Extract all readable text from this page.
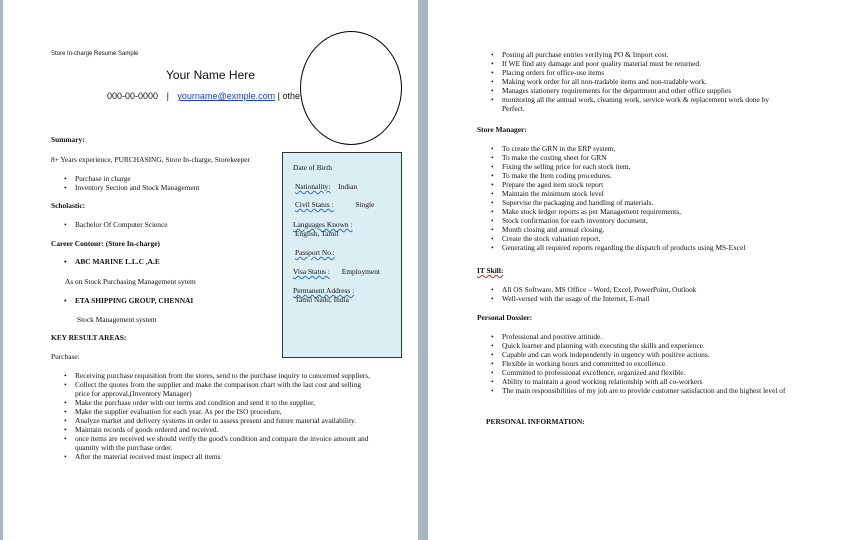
Store In-charge Resume Sample
Your Name Here
000-00-0000 | yourname@exmple.com | othe
Summary:
8+ Years experience, PURCHASING, Store In-charge, Storekeeper
• Purchase in charge
• Inventory Section and Stock Management
Scholastic:
• Bachelor Of Computer Science
Career Contour: (Store In-charge)
• ABC MARINE L.L.C ,A.E
As on Stock Purchasing Management sytem
• ETA SHIPPING GROUP, CHENNAI
Stock Management system
KEY RESULT AREAS:
Purchase:
• Receiving purchase requisition from the stores, send to the purchase inquiry to concerned suppliers,
• Collect the quotes from the supplier and make the comparison chart with the last cost and selling price for approval,(Inventory Manager)
• Make the purchase order with our terms and condition and send it to the supplier,
• Make the supplier evaluation for each year. As per the ISO procedure,
• Analyze market and delivery systems in order to assess present and future material availability.
• Maintain records of goods ordered and received.
• once items are received we should verify the good's condition and compare the invoice amount and quantity with the purchase order.
• After the material received must inspect all items
Date of Birth
Nationality: Indian
Civil Status :	Single
Languages Known :
English, Tamil
Passport No.:
Visa Status : Employment
Permanent Address :
Tamil Nadu, India
• Posting all purchase entries verifying PO & Import cost.
• If WE find any damage and poor quality material must be returned.
• Placing orders for office-use items
• Making work order for all non-tradable items and non-tradable work.
• Manages stationery requirements for the department and other office supplies
• monitoring all the annual work, cleaning work, service work & replacement work done by Perfect.
Store Manager:
• To create the GRN in the ERP system,
• To make the costing sheet for GRN
• Fixing the selling price for each stock item,
• To make the Item coding procedures.
• Prepare the aged item stock report
• Maintain the minimum stock level
• Supervise the packaging and handling of materials.
• Make stock ledger reports as per Management requirements,
• Stock confirmation for each inventory document,
• Month closing and annual closing,
• Create the stock valuation report,
• Generating all required reports regarding the dispatch of products using MS-Excel
IT Skill:
• All OS Software, MS Office – Word, Excel, PowerPoint, Outlook
• Well-versed with the usage of the Internet, E-mail
Personal Dossier:
• Professional and positive attitude.
• Quick learner and planning with executing the skills and experience.
• Capable and can work independently in urgency with positive actions.
• Flexible in working hours and committed to excellence.
• Committed to professional excellence, organized and flexible.
• Ability to maintain a good working relationship with all co-workers
• The main responsibilities of my job are to provide customer satisfaction and the highest level of
PERSONAL INFORMATION:
